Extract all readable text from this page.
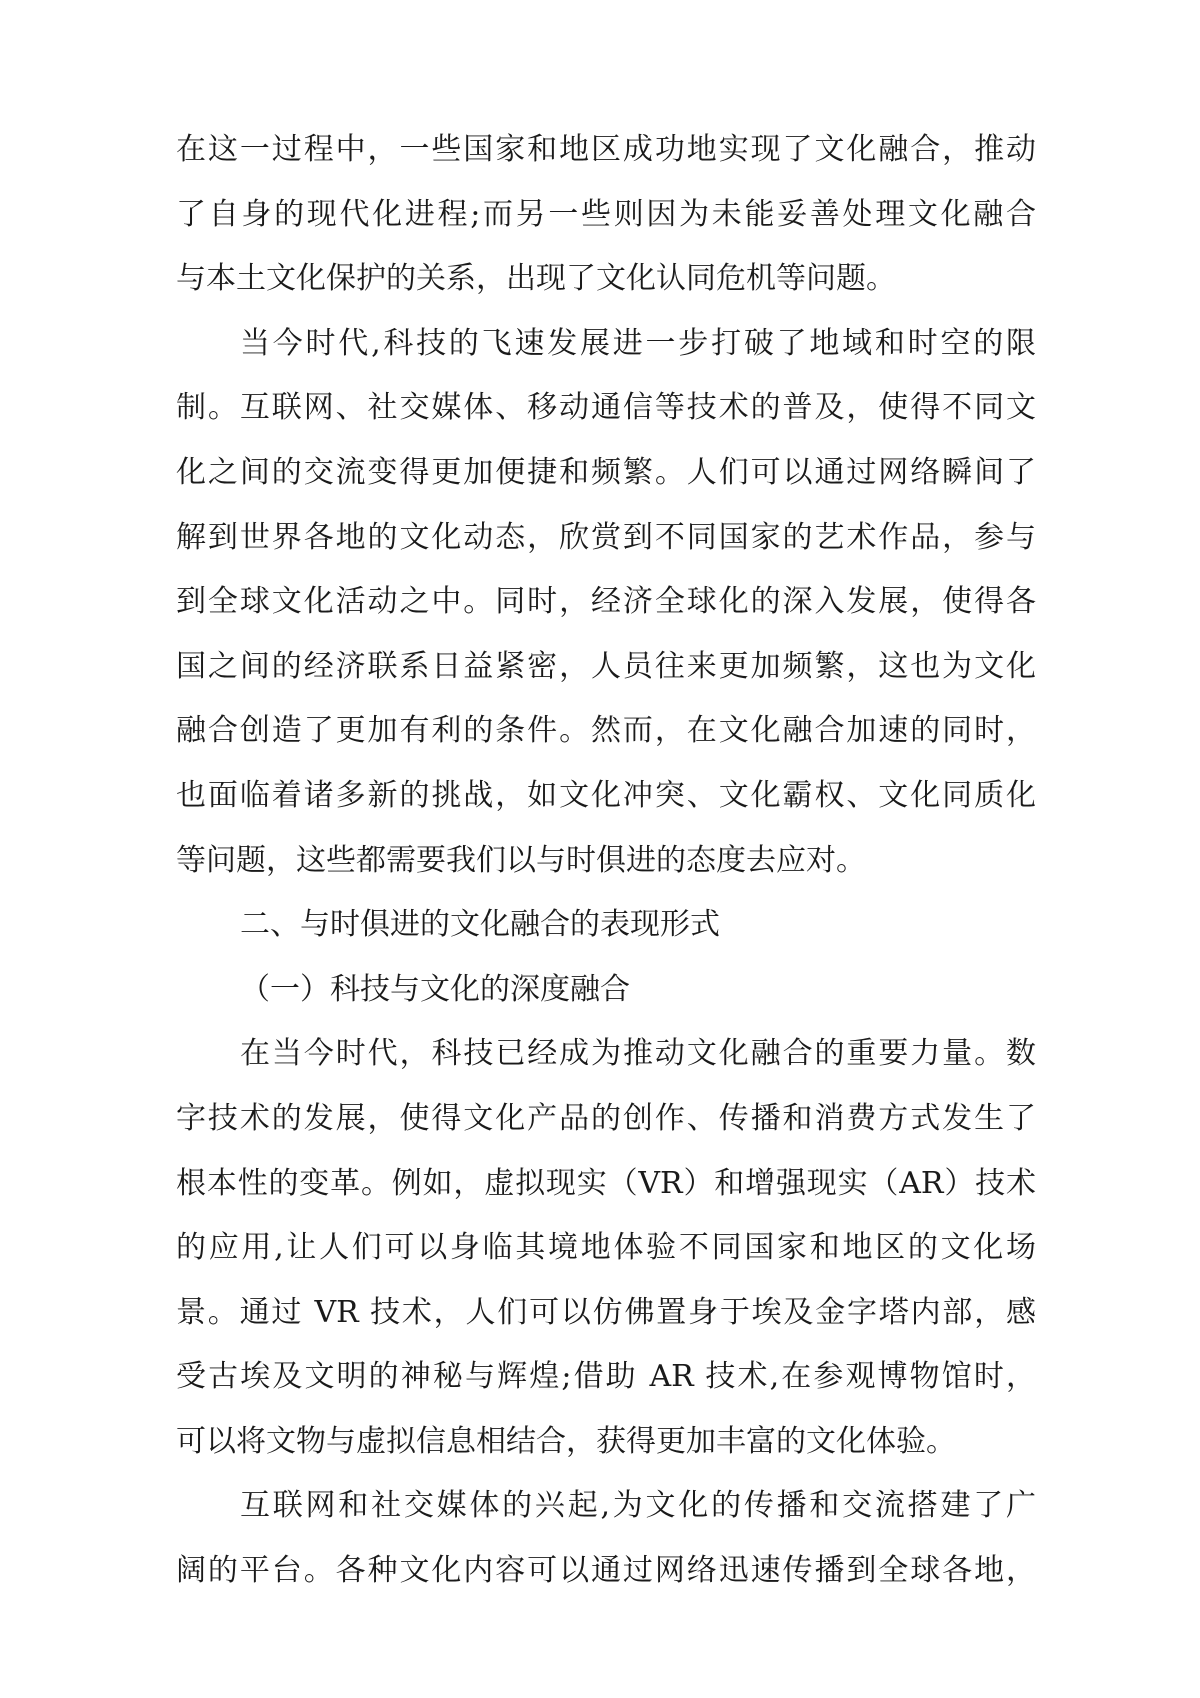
在这一过程中，一些国家和地区成功地实现了文化融合，推动
了自身的现代化进程;而另一些则因为未能妥善处理文化融合
与本土文化保护的关系，出现了文化认同危机等问题。
当今时代,科技的飞速发展进一步打破了地域和时空的限
制。互联网、社交媒体、移动通信等技术的普及，使得不同文
化之间的交流变得更加便捷和频繁。人们可以通过网络瞬间了
解到世界各地的文化动态，欣赏到不同国家的艺术作品，参与
到全球文化活动之中。同时，经济全球化的深入发展，使得各
国之间的经济联系日益紧密，人员往来更加频繁，这也为文化
融合创造了更加有利的条件。然而，在文化融合加速的同时，
也面临着诸多新的挑战，如文化冲突、文化霸权、文化同质化
等问题，这些都需要我们以与时俱进的态度去应对。
二、与时俱进的文化融合的表现形式
（一）科技与文化的深度融合
在当今时代，科技已经成为推动文化融合的重要力量。数
字技术的发展，使得文化产品的创作、传播和消费方式发生了
根本性的变革。例如，虚拟现实（VR）和增强现实（AR）技术
的应用,让人们可以身临其境地体验不同国家和地区的文化场
景。通过 VR 技术，人们可以仿佛置身于埃及金字塔内部，感
受古埃及文明的神秘与辉煌;借助 AR 技术,在参观博物馆时，
可以将文物与虚拟信息相结合，获得更加丰富的文化体验。
互联网和社交媒体的兴起,为文化的传播和交流搭建了广
阔的平台。各种文化内容可以通过网络迅速传播到全球各地，
